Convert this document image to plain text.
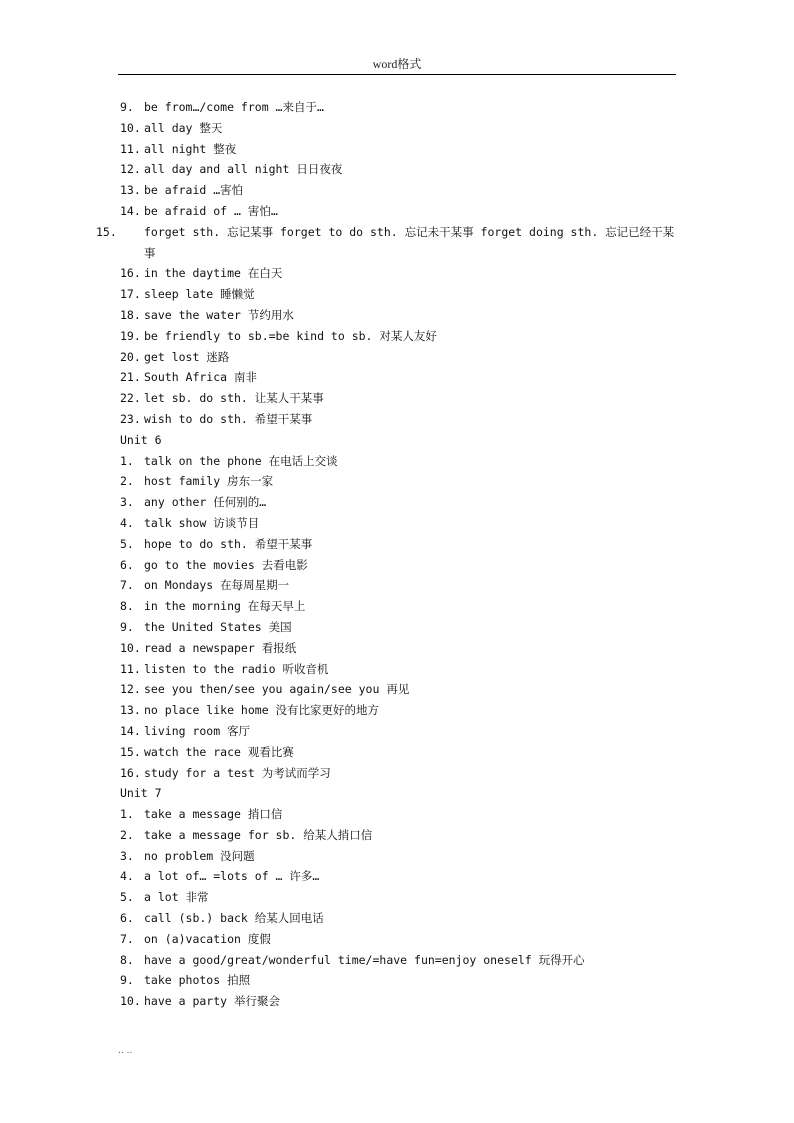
word格式
9. be from…/come from …来自于…
10. all day 整天
11. all night 整夜
12. all day and all night 日日夜夜
13. be afraid …害怕
14. be afraid of … 害怕…
15. forget sth. 忘记某事 forget to do sth. 忘记未干某事 forget doing sth. 忘记已经干某事
16. in the daytime 在白天
17. sleep late 睡懒觉
18. save the water 节约用水
19. be friendly to sb.=be kind to sb. 对某人友好
20. get lost 迷路
21. South Africa 南非
22. let sb. do sth. 让某人干某事
23. wish to do sth. 希望干某事
Unit 6
1. talk on the phone 在电话上交谈
2. host family 房东一家
3. any other 任何别的…
4. talk show 访谈节目
5. hope to do sth. 希望干某事
6. go to the movies 去看电影
7. on Mondays 在每周星期一
8. in the morning 在每天早上
9. the United States 美国
10. read a newspaper 看报纸
11. listen to the radio 听收音机
12. see you then/see you again/see you 再见
13. no place like home 没有比家更好的地方
14. living room 客厅
15. watch the race 观看比赛
16. study for a test 为考试而学习
Unit 7
1. take a message 捎口信
2. take a message for sb. 给某人捎口信
3. no problem 没问题
4. a lot of… =lots of … 许多…
5. a lot 非常
6. call (sb.) back 给某人回电话
7. on (a)vacation 度假
8. have a good/great/wonderful time/=have fun=enjoy oneself 玩得开心
9. take photos 拍照
10. have a party 举行聚会
.. ..
